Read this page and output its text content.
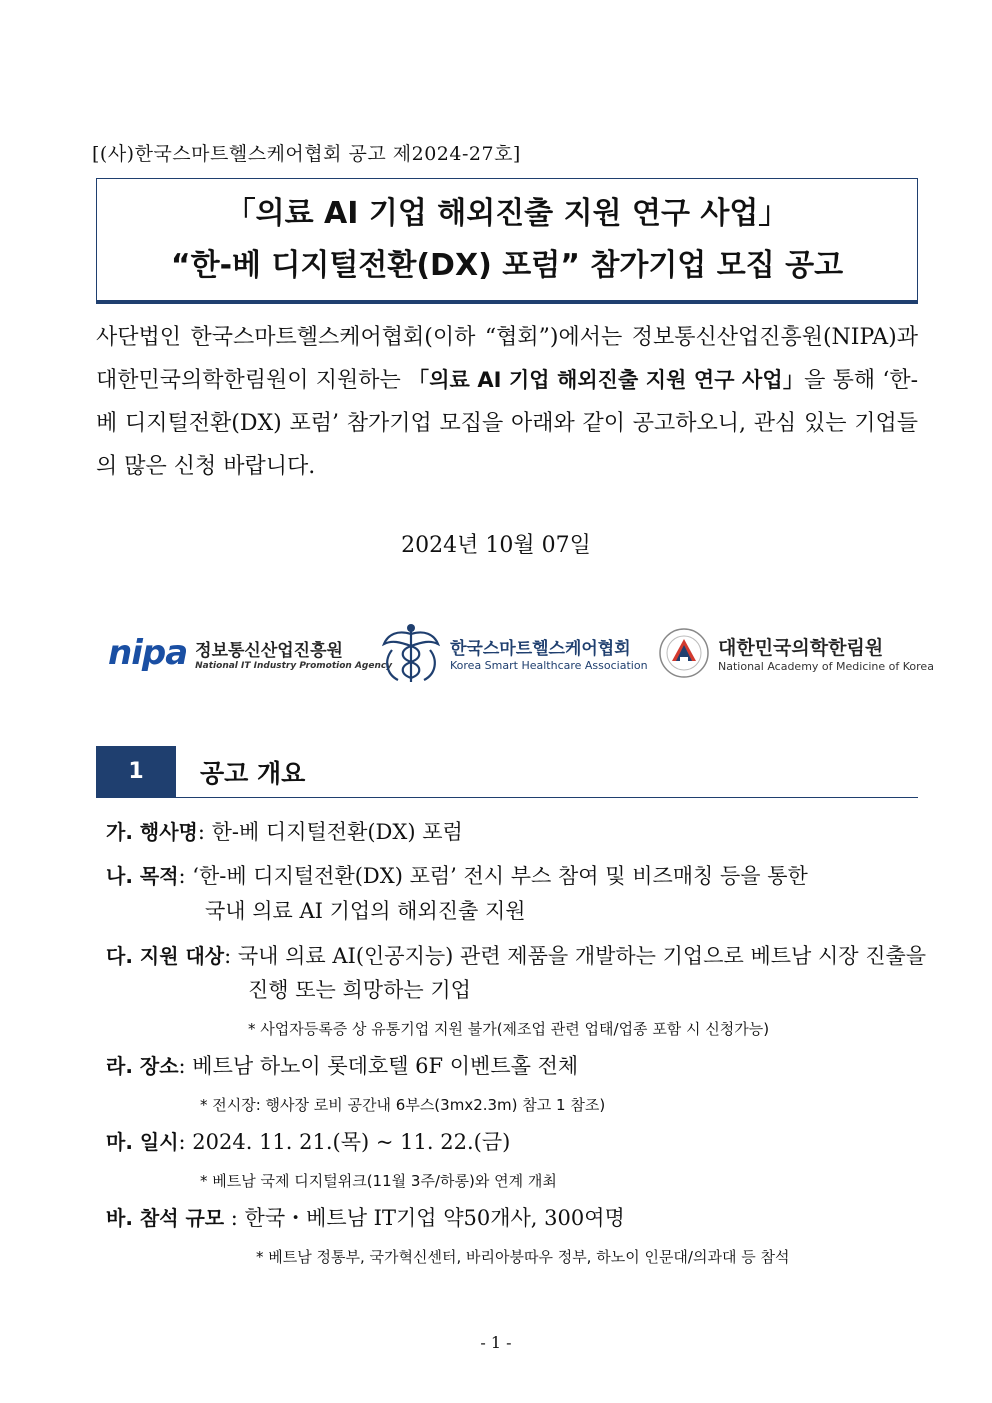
[(사)한국스마트헬스케어협회 공고 제2024-27호]
「의료 AI 기업 해외진출 지원 연구 사업」
“한-베 디지털전환(DX) 포럼” 참가기업 모집 공고
사단법인 한국스마트헬스케어협회(이하 “협회”)에서는 정보통신산업진흥원(NIPA)과 대한민국의학한림원이 지원하는 「의료 AI 기업 해외진출 지원 연구 사업」을 통해 ‘한-베 디지털전환(DX) 포럼’ 참가기업 모집을 아래와 같이 공고하오니, 관심 있는 기업들의 많은 신청 바랍니다.
2024년 10월 07일
nipa 정보통신산업진흥원
National IT Industry Promotion Agency
한국스마트헬스케어협회
Korea Smart Healthcare Association
대한민국의학한림원
National Academy of Medicine of Korea
1	공고 개요
가. 행사명: 한-베 디지털전환(DX) 포럼
나. 목적: ‘한-베 디지털전환(DX) 포럼’ 전시 부스 참여 및 비즈매칭 등을 통한
국내 의료 AI 기업의 해외진출 지원
다. 지원 대상: 국내 의료 AI(인공지능) 관련 제품을 개발하는 기업으로 베트남 시장 진출을
진행 또는 희망하는 기업
* 사업자등록증 상 유통기업 지원 불가(제조업 관련 업태/업종 포함 시 신청가능)
라. 장소: 베트남 하노이 롯데호텔 6F 이벤트홀 전체
* 전시장: 행사장 로비 공간내 6부스(3mx2.3m) 참고 1 참조)
마. 일시: 2024. 11. 21.(목) ~ 11. 22.(금)
* 베트남 국제 디지털위크(11월 3주/하롱)와 연계 개최
바. 참석 규모 : 한국・베트남 IT기업 약50개사, 300여명
* 베트남 정통부, 국가혁신센터, 바리아붕따우 정부, 하노이 인문대/의과대 등 참석
- 1 -
